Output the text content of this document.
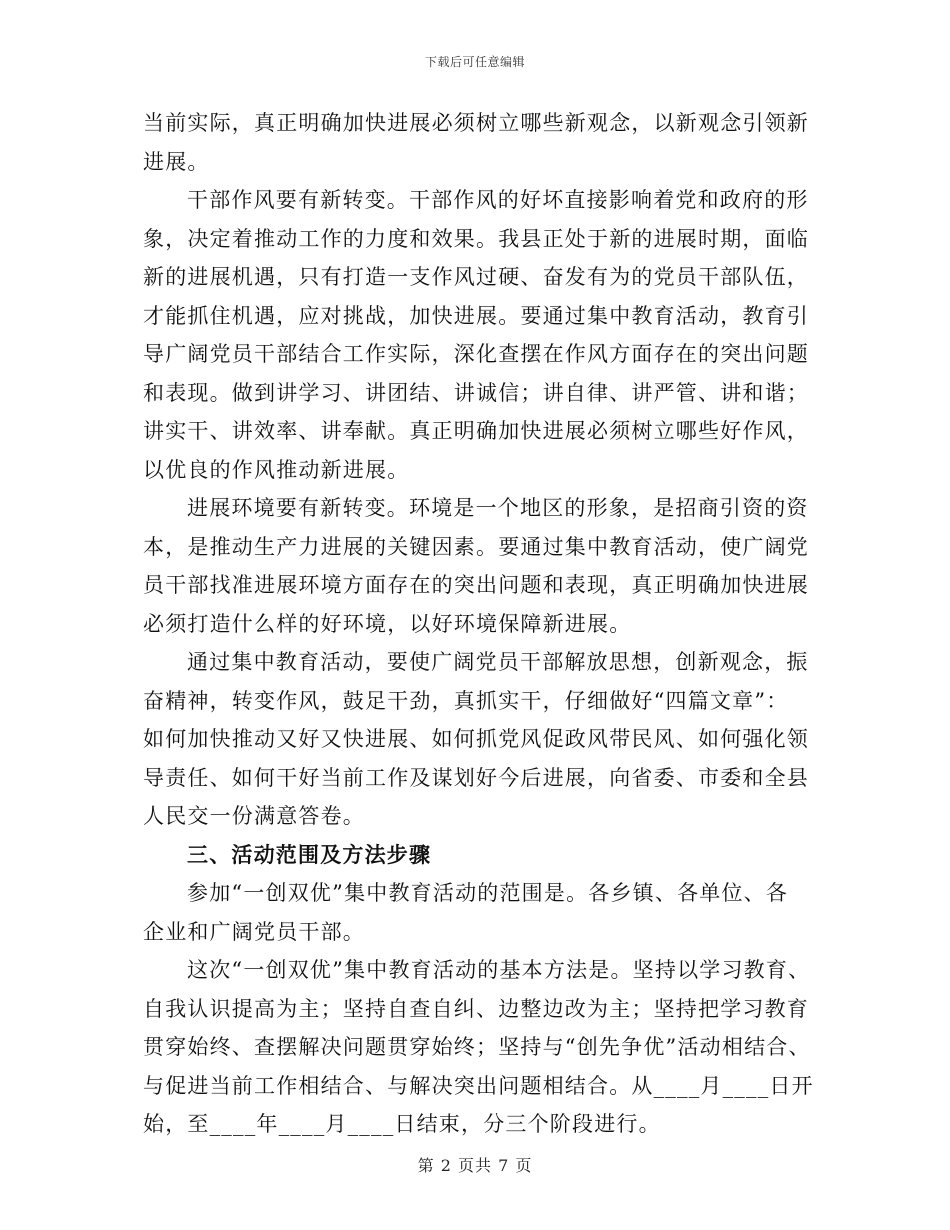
下载后可任意编辑
当前实际，真正明确加快进展必须树立哪些新观念，以新观念引领新
进展。
干部作风要有新转变。干部作风的好坏直接影响着党和政府的形
象，决定着推动工作的力度和效果。我县正处于新的进展时期，面临
新的进展机遇，只有打造一支作风过硬、奋发有为的党员干部队伍，
才能抓住机遇，应对挑战，加快进展。要通过集中教育活动，教育引
导广阔党员干部结合工作实际，深化查摆在作风方面存在的突出问题
和表现。做到讲学习、讲团结、讲诚信；讲自律、讲严管、讲和谐；
讲实干、讲效率、讲奉献。真正明确加快进展必须树立哪些好作风，
以优良的作风推动新进展。
进展环境要有新转变。环境是一个地区的形象，是招商引资的资
本，是推动生产力进展的关键因素。要通过集中教育活动，使广阔党
员干部找准进展环境方面存在的突出问题和表现，真正明确加快进展
必须打造什么样的好环境，以好环境保障新进展。
通过集中教育活动，要使广阔党员干部解放思想，创新观念，振
奋精神，转变作风，鼓足干劲，真抓实干，仔细做好“四篇文章”：
如何加快推动又好又快进展、如何抓党风促政风带民风、如何强化领
导责任、如何干好当前工作及谋划好今后进展，向省委、市委和全县
人民交一份满意答卷。
三、活动范围及方法步骤
参加“一创双优”集中教育活动的范围是。各乡镇、各单位、各
企业和广阔党员干部。
这次“一创双优”集中教育活动的基本方法是。坚持以学习教育、
自我认识提高为主；坚持自查自纠、边整边改为主；坚持把学习教育
贯穿始终、查摆解决问题贯穿始终；坚持与“创先争优”活动相结合、
与促进当前工作相结合、与解决突出问题相结合。从____月____日开
始，至____年____月____日结束，分三个阶段进行。
第 2 页共 7 页
